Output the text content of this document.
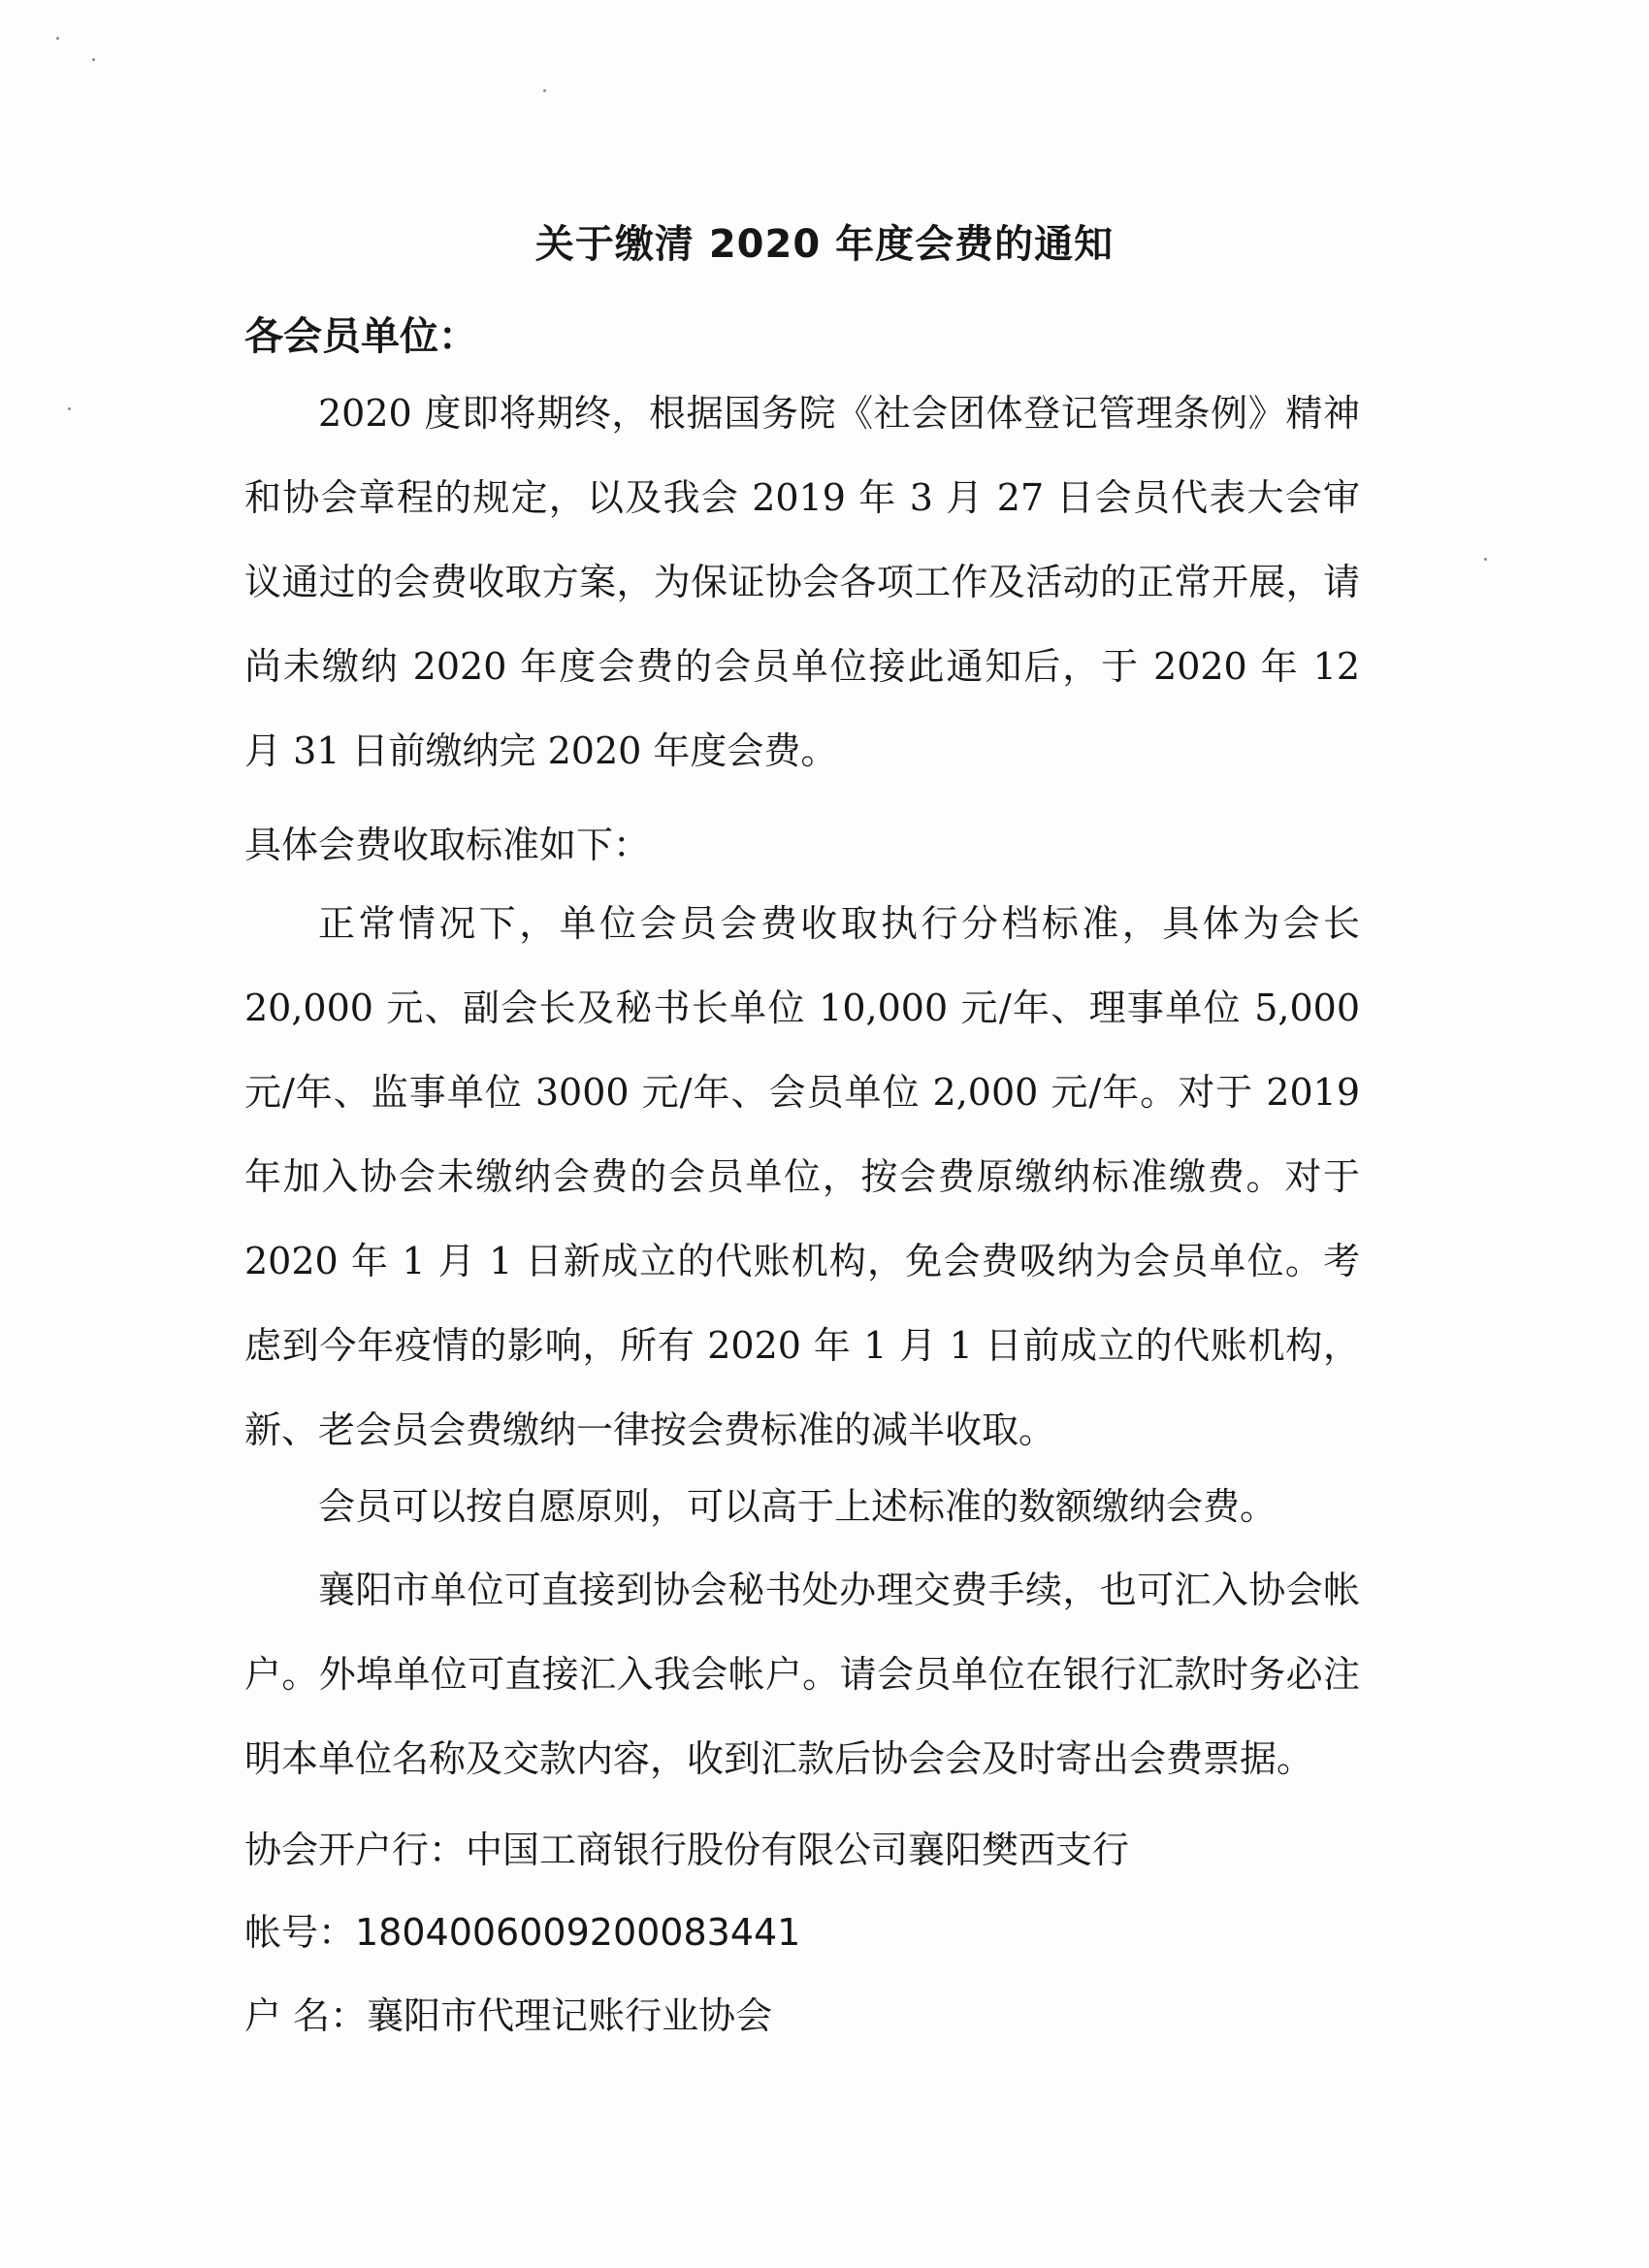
关于缴清 2020 年度会费的通知
各会员单位：

2020 度即将期终，根据国务院《社会团体登记管理条例》精神和协会章程的规定，以及我会 2019 年 3 月 27 日会员代表大会审议通过的会费收取方案，为保证协会各项工作及活动的正常开展，请尚未缴纳 2020 年度会费的会员单位接此通知后，于 2020 年 12 月 31 日前缴纳完 2020 年度会费。

具体会费收取标准如下：

正常情况下，单位会员会费收取执行分档标准，具体为会长 20,000 元、副会长及秘书长单位 10,000 元/年、理事单位 5,000 元/年、监事单位 3000 元/年、会员单位 2,000 元/年。对于 2019 年加入协会未缴纳会费的会员单位，按会费原缴纳标准缴费。对于 2020 年 1 月 1 日新成立的代账机构，免会费吸纳为会员单位。考虑到今年疫情的影响，所有 2020 年 1 月 1 日前成立的代账机构，新、老会员会费缴纳一律按会费标准的减半收取。

会员可以按自愿原则，可以高于上述标准的数额缴纳会费。

襄阳市单位可直接到协会秘书处办理交费手续，也可汇入协会帐户。外埠单位可直接汇入我会帐户。请会员单位在银行汇款时务必注明本单位名称及交款内容，收到汇款后协会会及时寄出会费票据。

协会开户行：中国工商银行股份有限公司襄阳樊西支行
帐号：1804006009200083441
户 名：襄阳市代理记账行业协会
